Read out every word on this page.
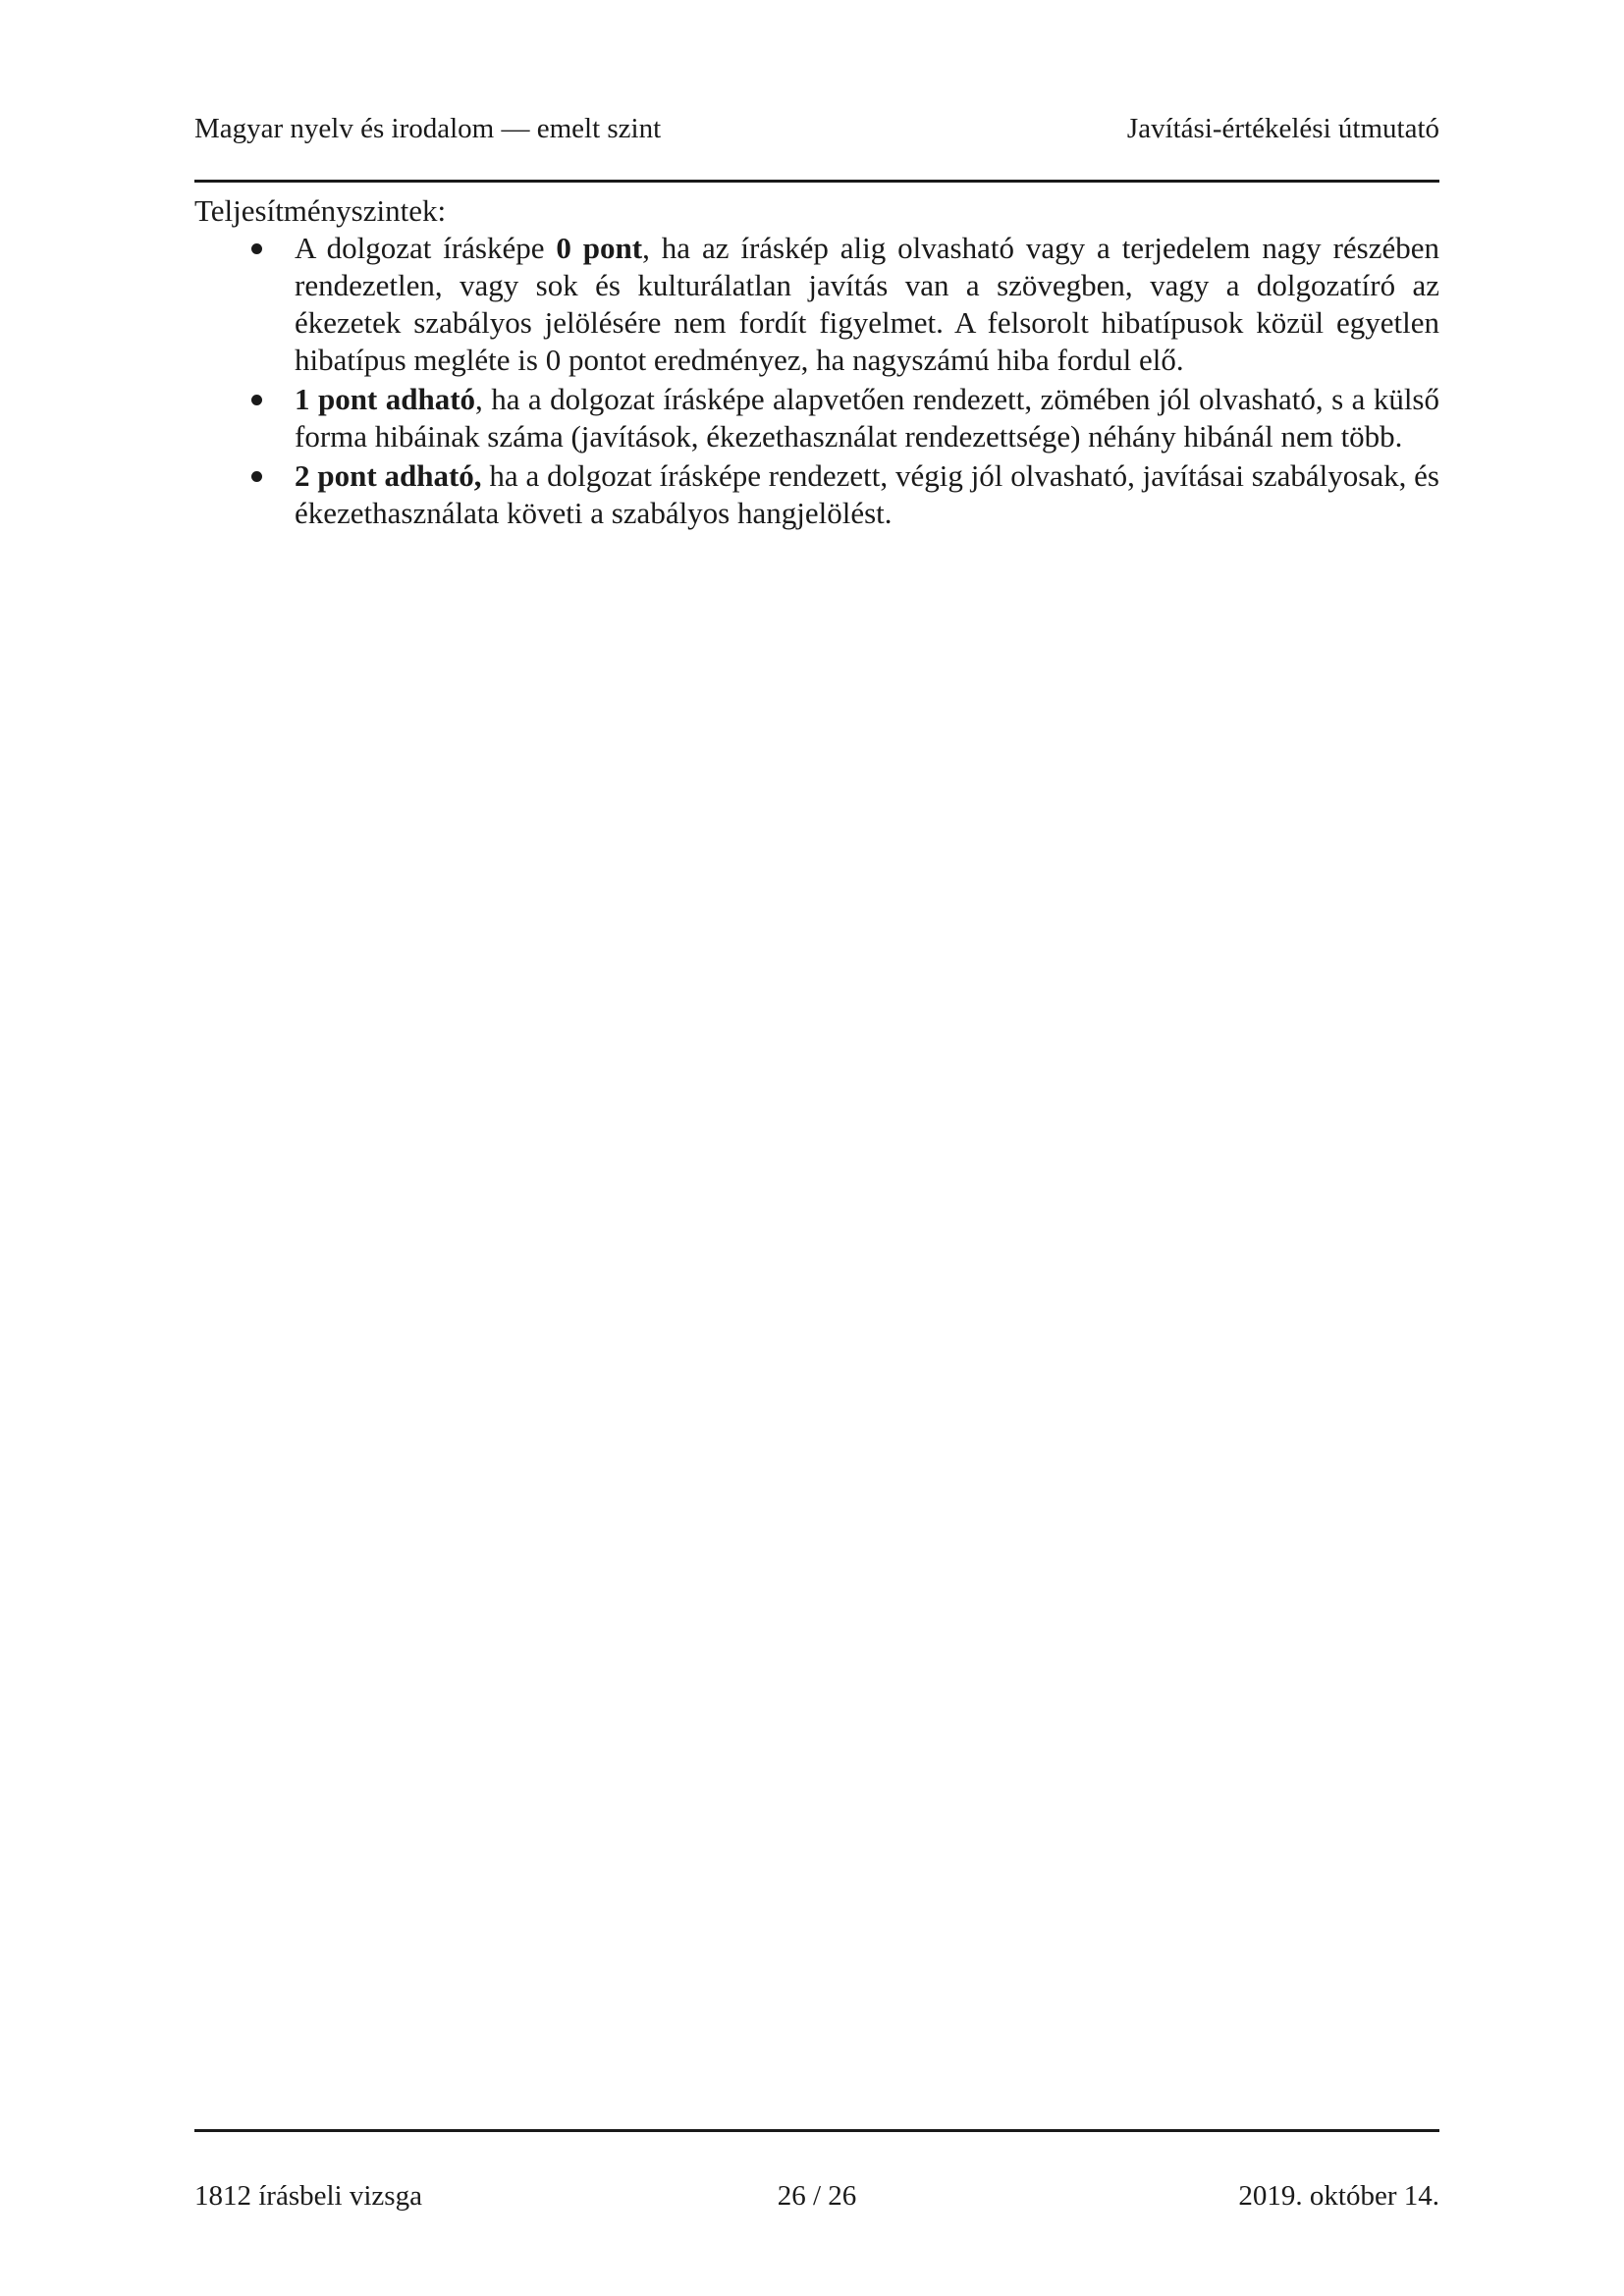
Magyar nyelv és irodalom — emelt szint	Javítási-értékelési útmutató

Teljesítményszintek:

A dolgozat írásképe 0 pont, ha az íráskép alig olvasható vagy a terjedelem nagy részében rendezetlen, vagy sok és kulturálatlan javítás van a szövegben, vagy a dolgozatíró az ékezetek szabályos jelölésére nem fordít figyelmet. A felsorolt hibatípusok közül egyetlen hibatípus megléte is 0 pontot eredményez, ha nagyszámú hiba fordul elő.
1 pont adható, ha a dolgozat írásképe alapvetően rendezett, zömében jól olvasható, s a külső forma hibáinak száma (javítások, ékezethasználat rendezettsége) néhány hibánál nem több.
2 pont adható, ha a dolgozat írásképe rendezett, végig jól olvasható, javításai szabályosak, és ékezethasználata követi a szabályos hangjelölést.
1812 írásbeli vizsga	26 / 26	2019. október 14.
